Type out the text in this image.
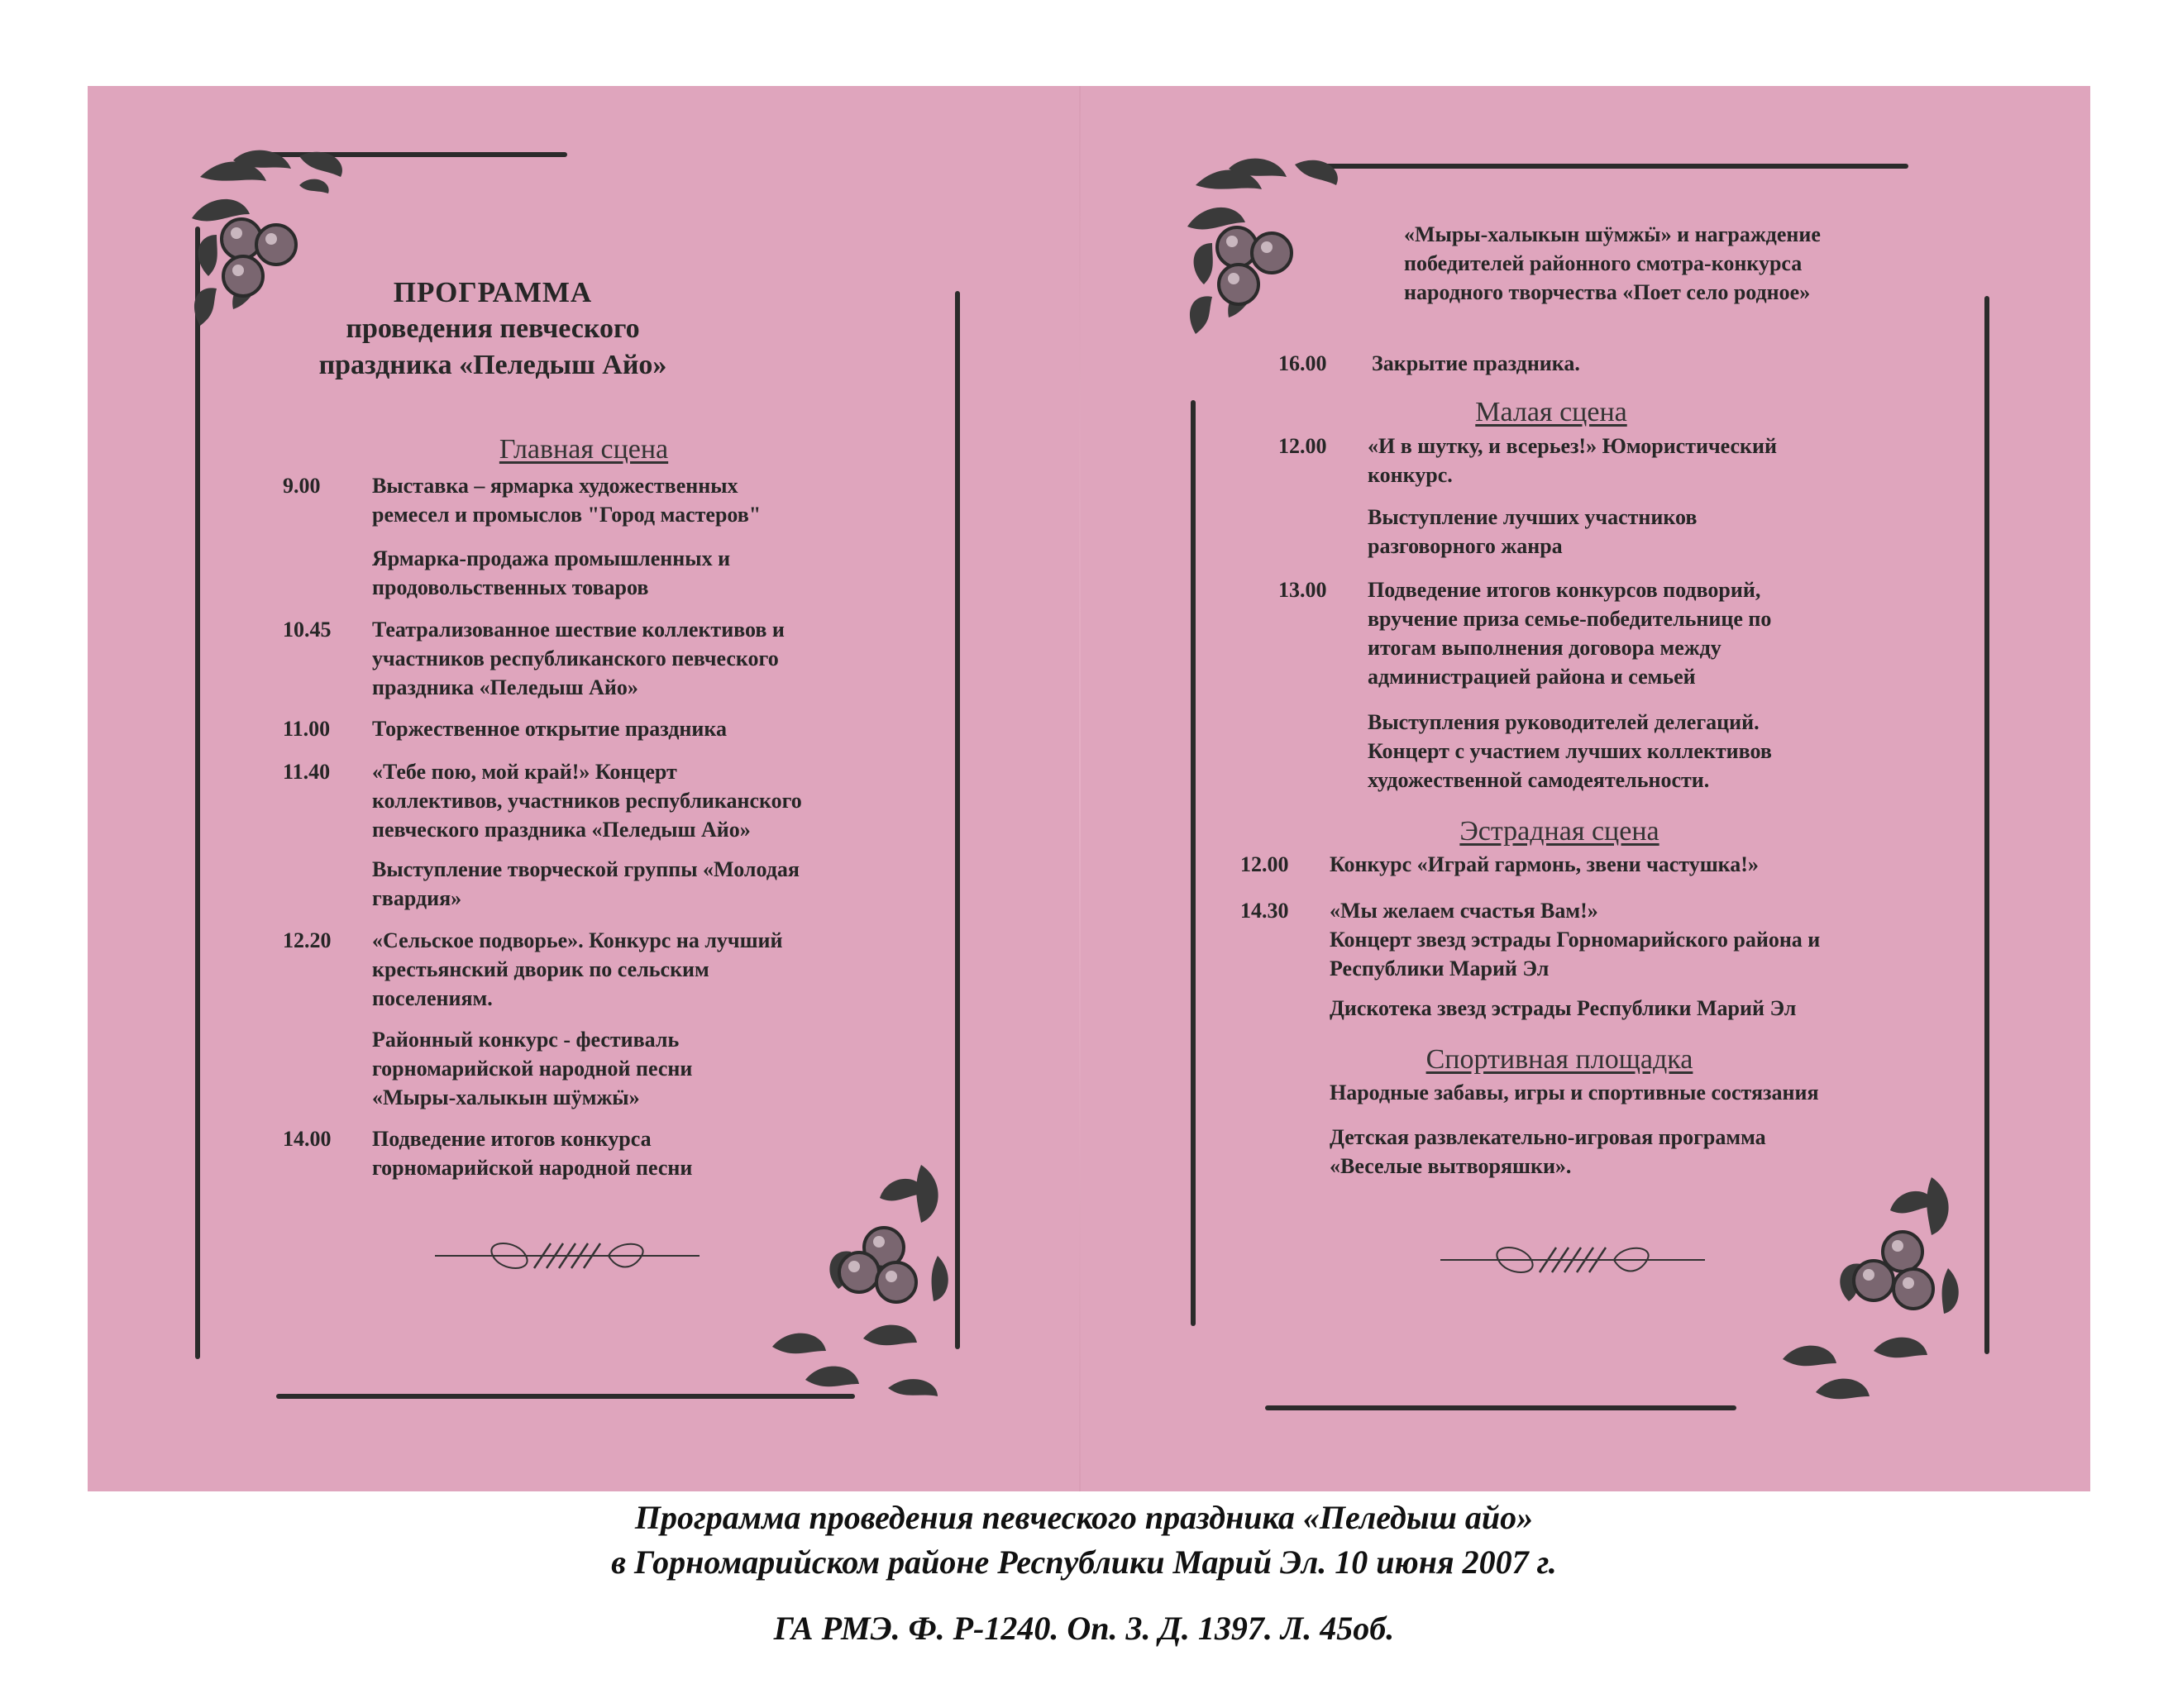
ПРОГРАММА
проведения певческого
праздника «Пеледыш Айо»
Главная сцена
9.00 Выставка – ярмарка художественных
ремесел и промыслов "Город мастеров"
Ярмарка-продажа промышленных и
продовольственных товаров
10.45 Театрализованное шествие коллективов и
участников республиканского певческого
праздника «Пеледыш Айо»
11.00 Торжественное открытие праздника
11.40 «Тебе пою, мой край!» Концерт
коллективов, участников республиканского
певческого праздника «Пеледыш Айо»
Выступление творческой группы «Молодая
гвардия»
12.20 «Сельское подворье». Конкурс на лучший
крестьянский дворик по сельским
поселениям.
Районный конкурс - фестиваль
горномарийской народной песни
«Мыры-халыкын шӱмжӹ»
14.00 Подведение итогов конкурса
горномарийской народной песни
«Мыры-халыкын шӱмжӹ» и награждение
победителей районного смотра-конкурса
народного творчества «Поет село родное»
16.00 Закрытие праздника.
Малая сцена
12.00 «И в шутку, и всерьез!» Юмористический
конкурс.
Выступление лучших участников
разговорного жанра
13.00 Подведение итогов конкурсов подворий,
вручение приза семье-победительнице по
итогам выполнения договора между
администрацией района и семьей
Выступления руководителей делегаций.
Концерт с участием лучших коллективов
художественной самодеятельности.
Эстрадная сцена
12.00 Конкурс «Играй гармонь, звени частушка!»
14.30 «Мы желаем счастья Вам!»
Концерт звезд эстрады Горномарийского района и
Республики Марий Эл
Дискотека звезд эстрады Республики Марий Эл
Спортивная площадка
Народные забавы, игры и спортивные состязания
Детская развлекательно-игровая программа
«Веселые вытворяшки».
Программа проведения певческого праздника «Пеледыш айо»
в Горномарийском районе Республики Марий Эл. 10 июня 2007 г.
ГА РМЭ. Ф. Р-1240. Оп. 3. Д. 1397. Л. 45об.
